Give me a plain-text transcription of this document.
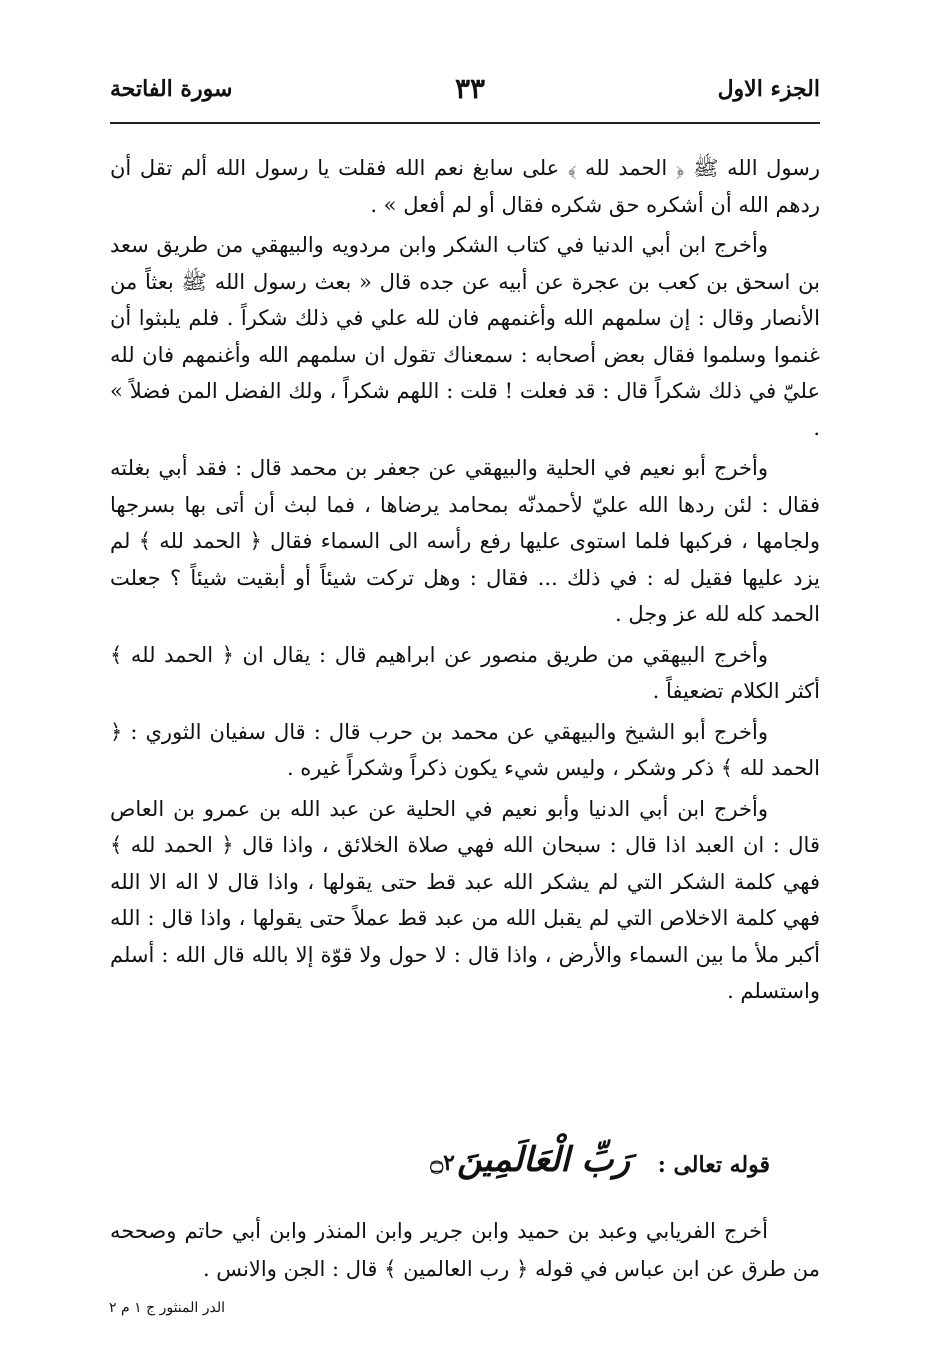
الجزء الاول
٣٣
سورة الفاتحة

رسول الله ﷺ ﴿ الحمد لله ﴾ على سابغ نعم الله فقلت يا رسول الله ألم تقل أن ردهم الله أن أشكره حق شكره فقال أو لم أفعل » .

وأخرج ابن أبي الدنيا في كتاب الشكر وابن مردويه والبيهقي من طريق سعد بن اسحق بن كعب بن عجرة عن أبيه عن جده قال « بعث رسول الله ﷺ بعثاً من الأنصار وقال : إن سلمهم الله وأغنمهم فان لله علي في ذلك شكراً . فلم يلبثوا أن غنموا وسلموا فقال بعض أصحابه : سمعناك تقول ان سلمهم الله وأغنمهم فان لله عليّ في ذلك شكراً قال : قد فعلت ! قلت : اللهم شكراً ، ولك الفضل المن فضلاً » .

وأخرج أبو نعيم في الحلية والبيهقي عن جعفر بن محمد قال : فقد أبي بغلته فقال : لئن ردها الله عليّ لأحمدنّه بمحامد يرضاها ، فما لبث أن أتى بها بسرجها ولجامها ، فركبها فلما استوى عليها رفع رأسه الى السماء فقال ﴿ الحمد لله ﴾ لم يزد عليها فقيل له : في ذلك ... فقال : وهل تركت شيئاً أو أبقيت شيئاً ؟ جعلت الحمد كله لله عز وجل .

وأخرج البيهقي من طريق منصور عن ابراهيم قال : يقال ان ﴿ الحمد لله ﴾ أكثر الكلام تضعيفاً .

وأخرج أبو الشيخ والبيهقي عن محمد بن حرب قال : قال سفيان الثوري : ﴿ الحمد لله ﴾ ذكر وشكر ، وليس شيء يكون ذكراً وشكراً غيره .

وأخرج ابن أبي الدنيا وأبو نعيم في الحلية عن عبد الله بن عمرو بن العاص قال : ان العبد اذا قال : سبحان الله فهي صلاة الخلائق ، واذا قال ﴿ الحمد لله ﴾ فهي كلمة الشكر التي لم يشكر الله عبد قط حتى يقولها ، واذا قال لا اله الا الله فهي كلمة الاخلاص التي لم يقبل الله من عبد قط عملاً حتى يقولها ، واذا قال : الله أكبر ملأ ما بين السماء والأرض ، واذا قال : لا حول ولا قوّة إلا بالله قال الله : أسلم واستسلم .

قوله تعالى :
رَبِّ الْعَالَمِينَ
۝٢

أخرج الفريابي وعبد بن حميد وابن جرير وابن المنذر وابن أبي حاتم وصححه من طرق عن ابن عباس في قوله ﴿ رب العالمين ﴾ قال : الجن والانس .

الدر المنثور ج ١ م ٢
